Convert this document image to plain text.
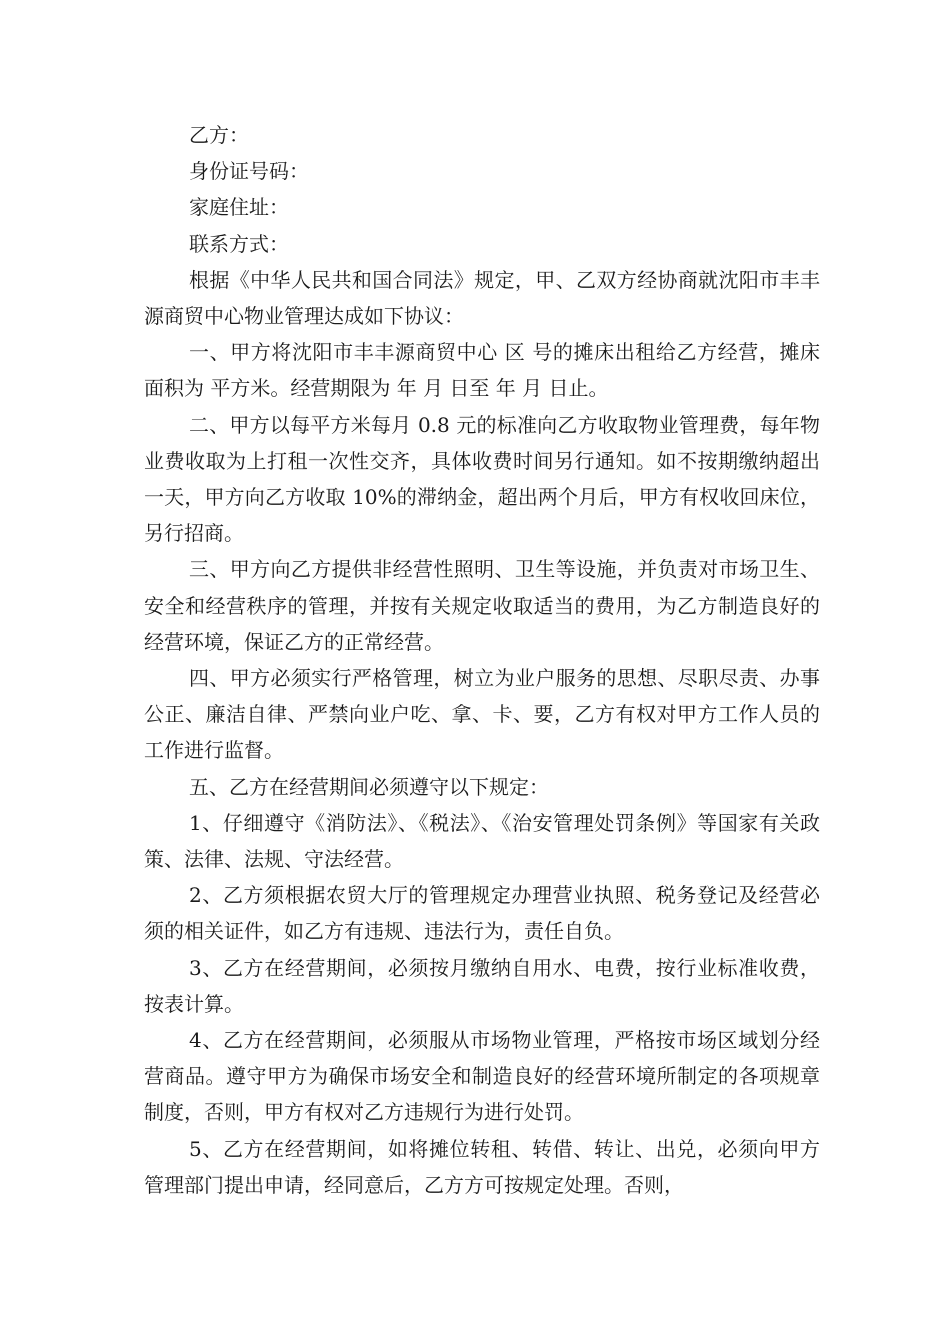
乙方：
身份证号码：
家庭住址：
联系方式：

根据《中华人民共和国合同法》规定，甲、乙双方经协商就沈阳市丰丰源商贸中心物业管理达成如下协议：

一、甲方将沈阳市丰丰源商贸中心 区 号的摊床出租给乙方经营，摊床面积为 平方米。经营期限为 年 月 日至 年 月 日止。

二、甲方以每平方米每月 0.8 元的标准向乙方收取物业管理费，每年物业费收取为上打租一次性交齐，具体收费时间另行通知。如不按期缴纳超出一天，甲方向乙方收取 10%的滞纳金，超出两个月后，甲方有权收回床位，另行招商。

三、甲方向乙方提供非经营性照明、卫生等设施，并负责对市场卫生、安全和经营秩序的管理，并按有关规定收取适当的费用，为乙方制造良好的经营环境，保证乙方的正常经营。

四、甲方必须实行严格管理，树立为业户服务的思想、尽职尽责、办事公正、廉洁自律、严禁向业户吃、拿、卡、要，乙方有权对甲方工作人员的工作进行监督。

五、乙方在经营期间必须遵守以下规定：

1、仔细遵守《消防法》、《税法》、《治安管理处罚条例》等国家有关政策、法律、法规、守法经营。

2、乙方须根据农贸大厅的管理规定办理营业执照、税务登记及经营必须的相关证件，如乙方有违规、违法行为，责任自负。

3、乙方在经营期间，必须按月缴纳自用水、电费，按行业标准收费，按表计算。

4、乙方在经营期间，必须服从市场物业管理，严格按市场区域划分经营商品。遵守甲方为确保市场安全和制造良好的经营环境所制定的各项规章制度，否则，甲方有权对乙方违规行为进行处罚。

5、乙方在经营期间，如将摊位转租、转借、转让、出兑，必须向甲方管理部门提出申请，经同意后，乙方方可按规定处理。否则，
